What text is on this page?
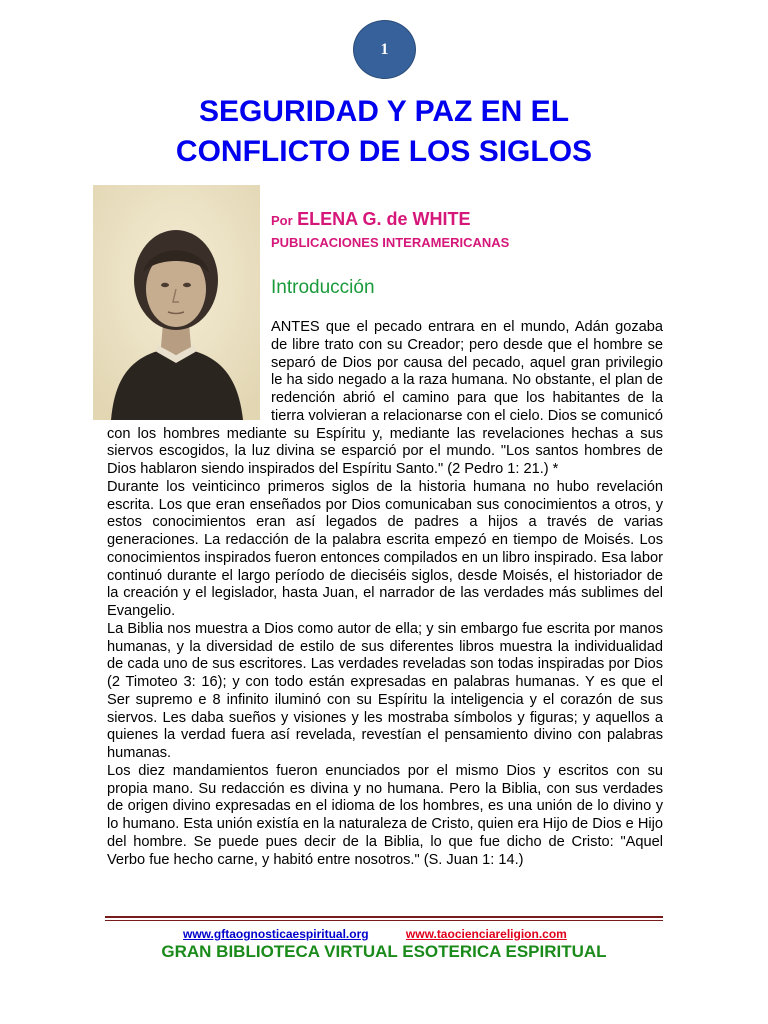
1
SEGURIDAD Y PAZ EN EL
CONFLICTO DE LOS SIGLOS
Por ELENA G. de WHITE
PUBLICACIONES INTERAMERICANAS
Introducción

ANTES que el pecado entrara en el mundo, Adán gozaba de libre trato con su Creador; pero desde que el hombre se separó de Dios por causa del pecado, aquel gran privilegio le ha sido negado a la raza humana. No obstante, el plan de redención abrió el camino para que los habitantes de la tierra volvieran a relacionarse con el cielo. Dios se comunicó con los hombres mediante su Espíritu y, mediante las revelaciones hechas a sus siervos escogidos, la luz divina se esparció por el mundo. "Los santos hombres de Dios hablaron siendo inspirados del Espíritu Santo." (2 Pedro 1: 21.) *

Durante los veinticinco primeros siglos de la historia humana no hubo revelación escrita. Los que eran enseñados por Dios comunicaban sus conocimientos a otros, y estos conocimientos eran así legados de padres a hijos a través de varias generaciones. La redacción de la palabra escrita empezó en tiempo de Moisés. Los conocimientos inspirados fueron entonces compilados en un libro inspirado. Esa labor continuó durante el largo período de dieciséis siglos, desde Moisés, el historiador de la creación y el legislador, hasta Juan, el narrador de las verdades más sublimes del Evangelio.

La Biblia nos muestra a Dios como autor de ella; y sin embargo fue escrita por manos humanas, y la diversidad de estilo de sus diferentes libros muestra la individualidad de cada uno de sus escritores. Las verdades reveladas son todas inspiradas por Dios (2 Timoteo 3: 16); y con todo están expresadas en palabras humanas. Y es que el Ser supremo e 8 infinito iluminó con su Espíritu la inteligencia y el corazón de sus siervos. Les daba sueños y visiones y les mostraba símbolos y figuras; y aquellos a quienes la verdad fuera así revelada, revestían el pensamiento divino con palabras humanas.

Los diez mandamientos fueron enunciados por el mismo Dios y escritos con su propia mano. Su redacción es divina y no humana. Pero la Biblia, con sus verdades de origen divino expresadas en el idioma de los hombres, es una unión de lo divino y lo humano. Esta unión existía en la naturaleza de Cristo, quien era Hijo de Dios e Hijo del hombre. Se puede pues decir de la Biblia, lo que fue dicho de Cristo: "Aquel Verbo fue hecho carne, y habitó entre nosotros." (S. Juan 1: 14.)

www.gftaognosticaespiritual.org	www.taocienciareligion.com
GRAN BIBLIOTECA VIRTUAL ESOTERICA ESPIRITUAL
